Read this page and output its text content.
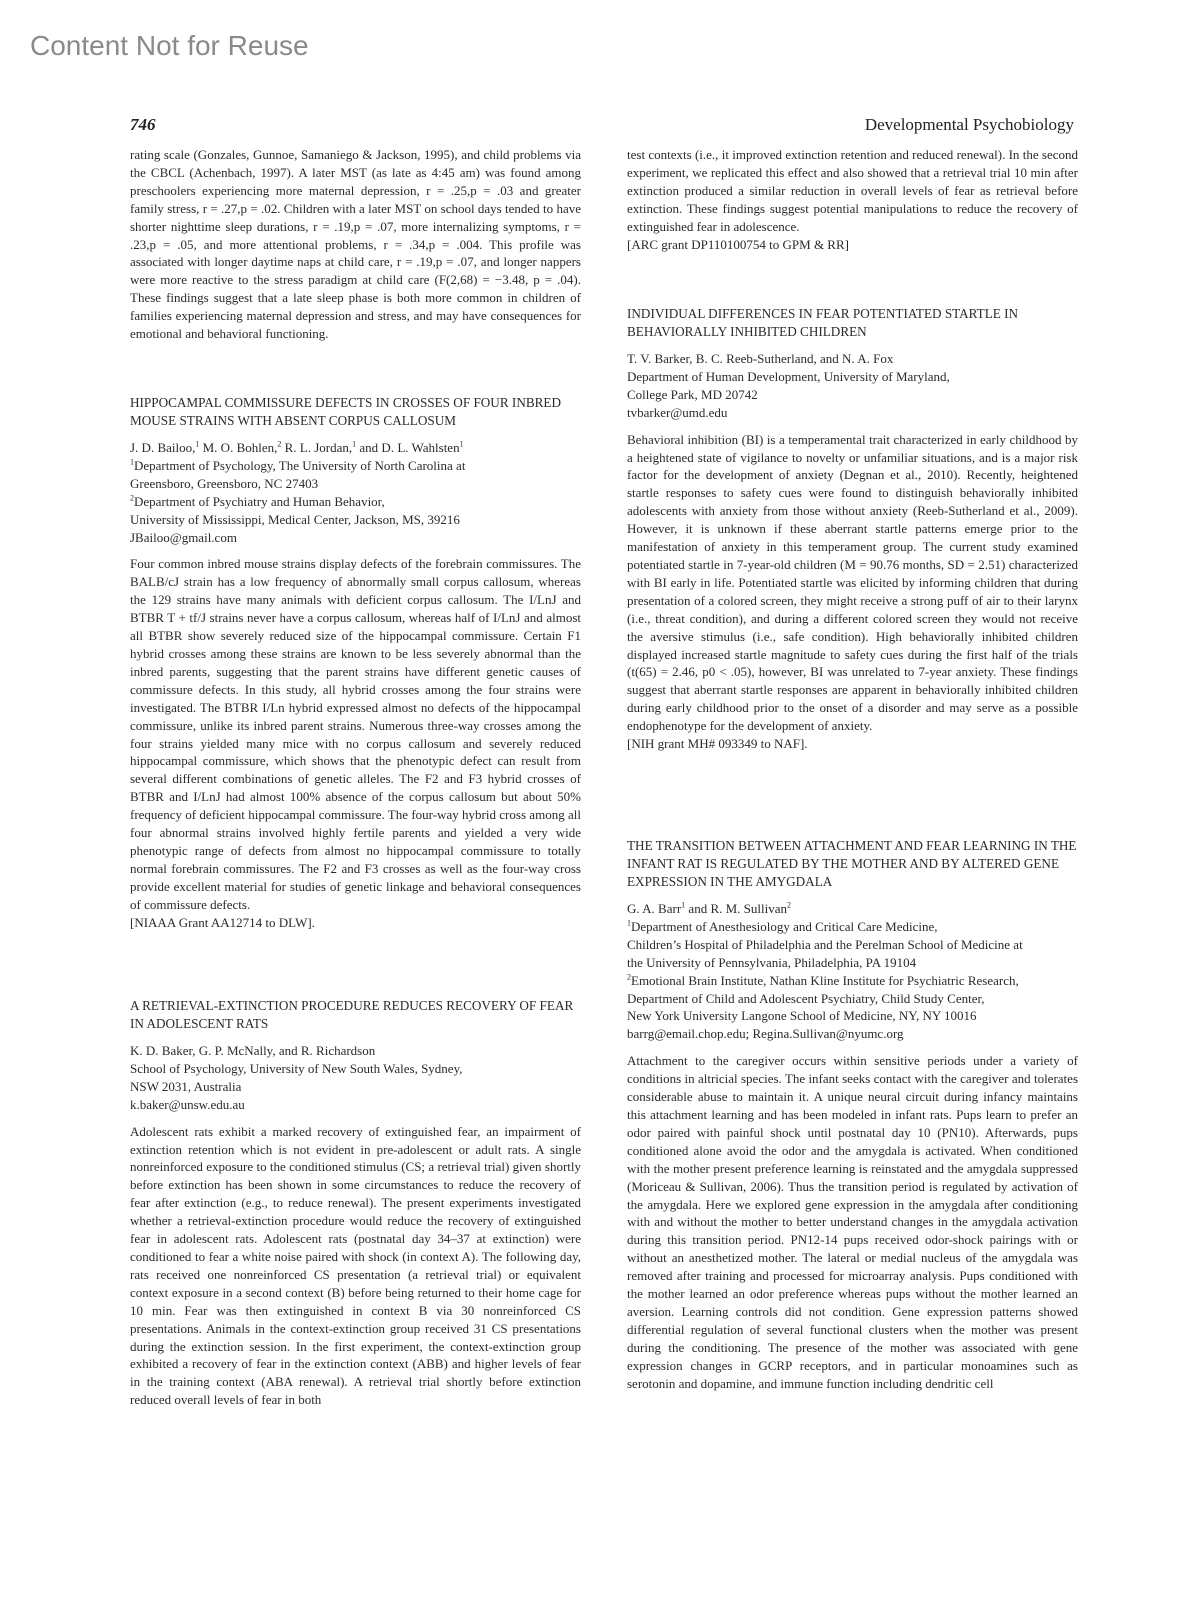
Content Not for Reuse
746	Developmental Psychobiology

rating scale (Gonzales, Gunnoe, Samaniego & Jackson, 1995), and child problems via the CBCL (Achenbach, 1997). A later MST (as late as 4:45 am) was found among preschoolers experiencing more maternal depression, r = .25,p = .03 and greater family stress, r = .27,p = .02. Children with a later MST on school days tended to have shorter nighttime sleep durations, r = .19,p = .07, more internalizing symptoms, r = .23,p = .05, and more attentional problems, r = .34,p = .004. This profile was associated with longer daytime naps at child care, r = .19,p = .07, and longer nappers were more reactive to the stress paradigm at child care (F(2,68) = −3.48, p = .04). These findings suggest that a late sleep phase is both more common in children of families experiencing maternal depression and stress, and may have consequences for emotional and behavioral functioning.

HIPPOCAMPAL COMMISSURE DEFECTS IN CROSSES OF FOUR INBRED MOUSE STRAINS WITH ABSENT CORPUS CALLOSUM

J. D. Bailoo,$^1$ M. O. Bohlen,$^2$ R. L. Jordan,$^1$ and D. L. Wahlsten$^1$

$^1$Department of Psychology, The University of North Carolina at

Greensboro, Greensboro, NC 27403

$^2$Department of Psychiatry and Human Behavior,

University of Mississippi, Medical Center, Jackson, MS, 39216

JBailoo@gmail.com

Four common inbred mouse strains display defects of the forebrain commissures. The BALB/cJ strain has a low frequency of abnormally small corpus callosum, whereas the 129 strains have many animals with deficient corpus callosum. The I/LnJ and BTBR T + tf/J strains never have a corpus callosum, whereas half of I/LnJ and almost all BTBR show severely reduced size of the hippocampal commissure. Certain F1 hybrid crosses among these strains are known to be less severely abnormal than the inbred parents, suggesting that the parent strains have different genetic causes of commissure defects. In this study, all hybrid crosses among the four strains were investigated. The BTBR I/Ln hybrid expressed almost no defects of the hippocampal commissure, unlike its inbred parent strains. Numerous three-way crosses among the four strains yielded many mice with no corpus callosum and severely reduced hippocampal commissure, which shows that the phenotypic defect can result from several different combinations of genetic alleles. The F2 and F3 hybrid crosses of BTBR and I/LnJ had almost 100% absence of the corpus callosum but about 50% frequency of deficient hippocampal commissure. The four-way hybrid cross among all four abnormal strains involved highly fertile parents and yielded a very wide phenotypic range of defects from almost no hippocampal commissure to totally normal forebrain commissures. The F2 and F3 crosses as well as the four-way cross provide excellent material for studies of genetic linkage and behavioral consequences of commissure defects.

[NIAAA Grant AA12714 to DLW].

A RETRIEVAL-EXTINCTION PROCEDURE REDUCES RECOVERY OF FEAR IN ADOLESCENT RATS

K. D. Baker, G. P. McNally, and R. Richardson

School of Psychology, University of New South Wales, Sydney,

NSW 2031, Australia

k.baker@unsw.edu.au

Adolescent rats exhibit a marked recovery of extinguished fear, an impairment of extinction retention which is not evident in pre-adolescent or adult rats. A single nonreinforced exposure to the conditioned stimulus (CS; a retrieval trial) given shortly before extinction has been shown in some circumstances to reduce the recovery of fear after extinction (e.g., to reduce renewal). The present experiments investigated whether a retrieval-extinction procedure would reduce the recovery of extinguished fear in adolescent rats. Adolescent rats (postnatal day 34–37 at extinction) were conditioned to fear a white noise paired with shock (in context A). The following day, rats received one nonreinforced CS presentation (a retrieval trial) or equivalent context exposure in a second context (B) before being returned to their home cage for 10 min. Fear was then extinguished in context B via 30 nonreinforced CS presentations. Animals in the context-extinction group received 31 CS presentations during the extinction session. In the first experiment, the context-extinction group exhibited a recovery of fear in the extinction context (ABB) and higher levels of fear in the training context (ABA renewal). A retrieval trial shortly before extinction reduced overall levels of fear in both

test contexts (i.e., it improved extinction retention and reduced renewal). In the second experiment, we replicated this effect and also showed that a retrieval trial 10 min after extinction produced a similar reduction in overall levels of fear as retrieval before extinction. These findings suggest potential manipulations to reduce the recovery of extinguished fear in adolescence.

[ARC grant DP110100754 to GPM & RR]

INDIVIDUAL DIFFERENCES IN FEAR POTENTIATED STARTLE IN BEHAVIORALLY INHIBITED CHILDREN

T. V. Barker, B. C. Reeb-Sutherland, and N. A. Fox

Department of Human Development, University of Maryland,

College Park, MD 20742

tvbarker@umd.edu

Behavioral inhibition (BI) is a temperamental trait characterized in early childhood by a heightened state of vigilance to novelty or unfamiliar situations, and is a major risk factor for the development of anxiety (Degnan et al., 2010). Recently, heightened startle responses to safety cues were found to distinguish behaviorally inhibited adolescents with anxiety from those without anxiety (Reeb-Sutherland et al., 2009). However, it is unknown if these aberrant startle patterns emerge prior to the manifestation of anxiety in this temperament group. The current study examined potentiated startle in 7-year-old children (M = 90.76 months, SD = 2.51) characterized with BI early in life. Potentiated startle was elicited by informing children that during presentation of a colored screen, they might receive a strong puff of air to their larynx (i.e., threat condition), and during a different colored screen they would not receive the aversive stimulus (i.e., safe condition). High behaviorally inhibited children displayed increased startle magnitude to safety cues during the first half of the trials (t(65) = 2.46, p0 < .05), however, BI was unrelated to 7-year anxiety. These findings suggest that aberrant startle responses are apparent in behaviorally inhibited children during early childhood prior to the onset of a disorder and may serve as a possible endophenotype for the development of anxiety.

[NIH grant MH# 093349 to NAF].

THE TRANSITION BETWEEN ATTACHMENT AND FEAR LEARNING IN THE INFANT RAT IS REGULATED BY THE MOTHER AND BY ALTERED GENE EXPRESSION IN THE AMYGDALA

G. A. Barr$^1$ and R. M. Sullivan$^2$

$^1$Department of Anesthesiology and Critical Care Medicine,

Children’s Hospital of Philadelphia and the Perelman School of Medicine at

the University of Pennsylvania, Philadelphia, PA 19104

$^2$Emotional Brain Institute, Nathan Kline Institute for Psychiatric Research,

Department of Child and Adolescent Psychiatry, Child Study Center,

New York University Langone School of Medicine, NY, NY 10016

barrg@email.chop.edu; Regina.Sullivan@nyumc.org

Attachment to the caregiver occurs within sensitive periods under a variety of conditions in altricial species. The infant seeks contact with the caregiver and tolerates considerable abuse to maintain it. A unique neural circuit during infancy maintains this attachment learning and has been modeled in infant rats. Pups learn to prefer an odor paired with painful shock until postnatal day 10 (PN10). Afterwards, pups conditioned alone avoid the odor and the amygdala is activated. When conditioned with the mother present preference learning is reinstated and the amygdala suppressed (Moriceau & Sullivan, 2006). Thus the transition period is regulated by activation of the amygdala. Here we explored gene expression in the amygdala after conditioning with and without the mother to better understand changes in the amygdala activation during this transition period. PN12-14 pups received odor-shock pairings with or without an anesthetized mother. The lateral or medial nucleus of the amygdala was removed after training and processed for microarray analysis. Pups conditioned with the mother learned an odor preference whereas pups without the mother learned an aversion. Learning controls did not condition. Gene expression patterns showed differential regulation of several functional clusters when the mother was present during the conditioning. The presence of the mother was associated with gene expression changes in GCRP receptors, and in particular monoamines such as serotonin and dopamine, and immune function including dendritic cell
